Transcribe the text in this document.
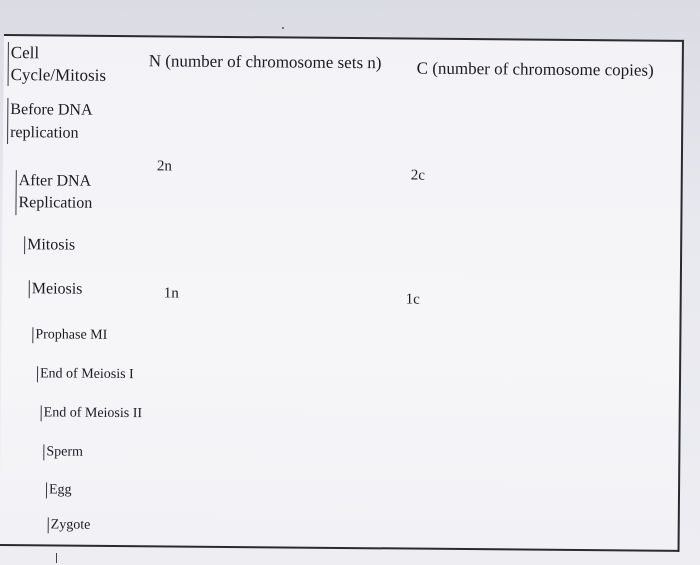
Cell
Cycle/Mitosis
N (number of chromosome sets n) C (number of chromosome copies)
Before DNA
replication
After DNA
Replication
2n
2c
Mitosis
Meiosis	1n	1c
Prophase MI
End of Meiosis I
End of Meiosis II
Sperm
Egg
Zygote
